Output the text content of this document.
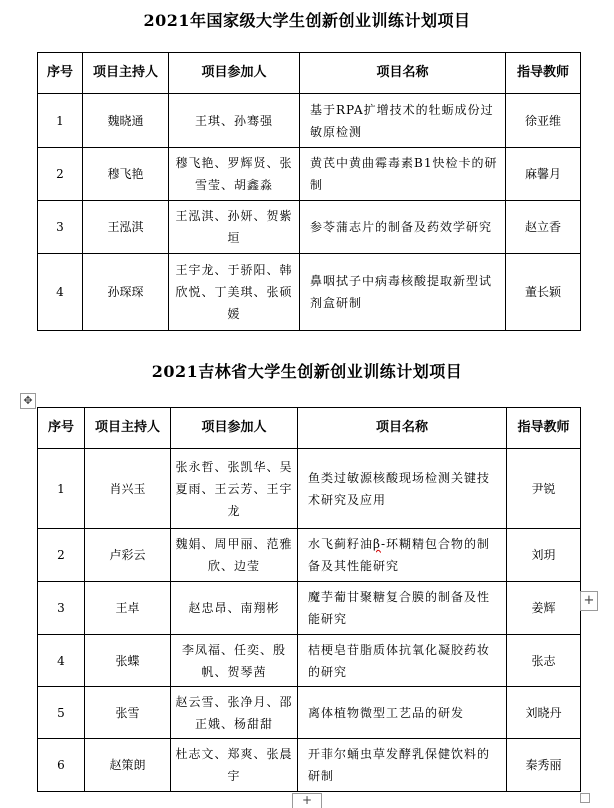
2021年国家级大学生创新创业训练计划项目
序号	项目主持人	项目参加人	项目名称	指导教师
1	魏晓通	王琪、孙骞强	基于RPA扩增技术的牡蛎成份过敏原检测	徐亚维
2	穆飞艳	穆飞艳、罗辉贤、张雪莹、胡鑫淼	黄芪中黄曲霉毒素B1快检卡的研制	麻馨月
3	王泓淇	王泓淇、孙妍、贺紫垣	参苓蒲志片的制备及药效学研究	赵立香
4	孙琛琛	王宇龙、于骄阳、韩欣悦、丁美琪、张硕媛	鼻咽拭子中病毒核酸提取新型试剂盒研制	董长颖
2021吉林省大学生创新创业训练计划项目
✥
序号	项目主持人	项目参加人	项目名称	指导教师
1	肖兴玉	张永哲、张凯华、吴夏雨、王云芳、王宇龙	鱼类过敏源核酸现场检测关键技术研究及应用	尹锐
2	卢彩云	魏娟、周甲丽、范雅欣、边莹	水飞蓟籽油β-环糊精包合物的制备及其性能研究	刘玥
3	王卓	赵忠昂、南翔彬	魔芋葡甘聚糖复合膜的制备及性能研究	姜辉
4	张蝶	李凤福、任奕、殷帆、贺琴茜	桔梗皂苷脂质体抗氧化凝胶药妆的研究	张志
5	张雪	赵云雪、张净月、邵正娥、杨甜甜	离体植物微型工艺品的研发	刘晓丹
6	赵策朗	杜志文、郑爽、张晨宇	开菲尔蛹虫草发酵乳保健饮料的研制	秦秀丽
+
+
